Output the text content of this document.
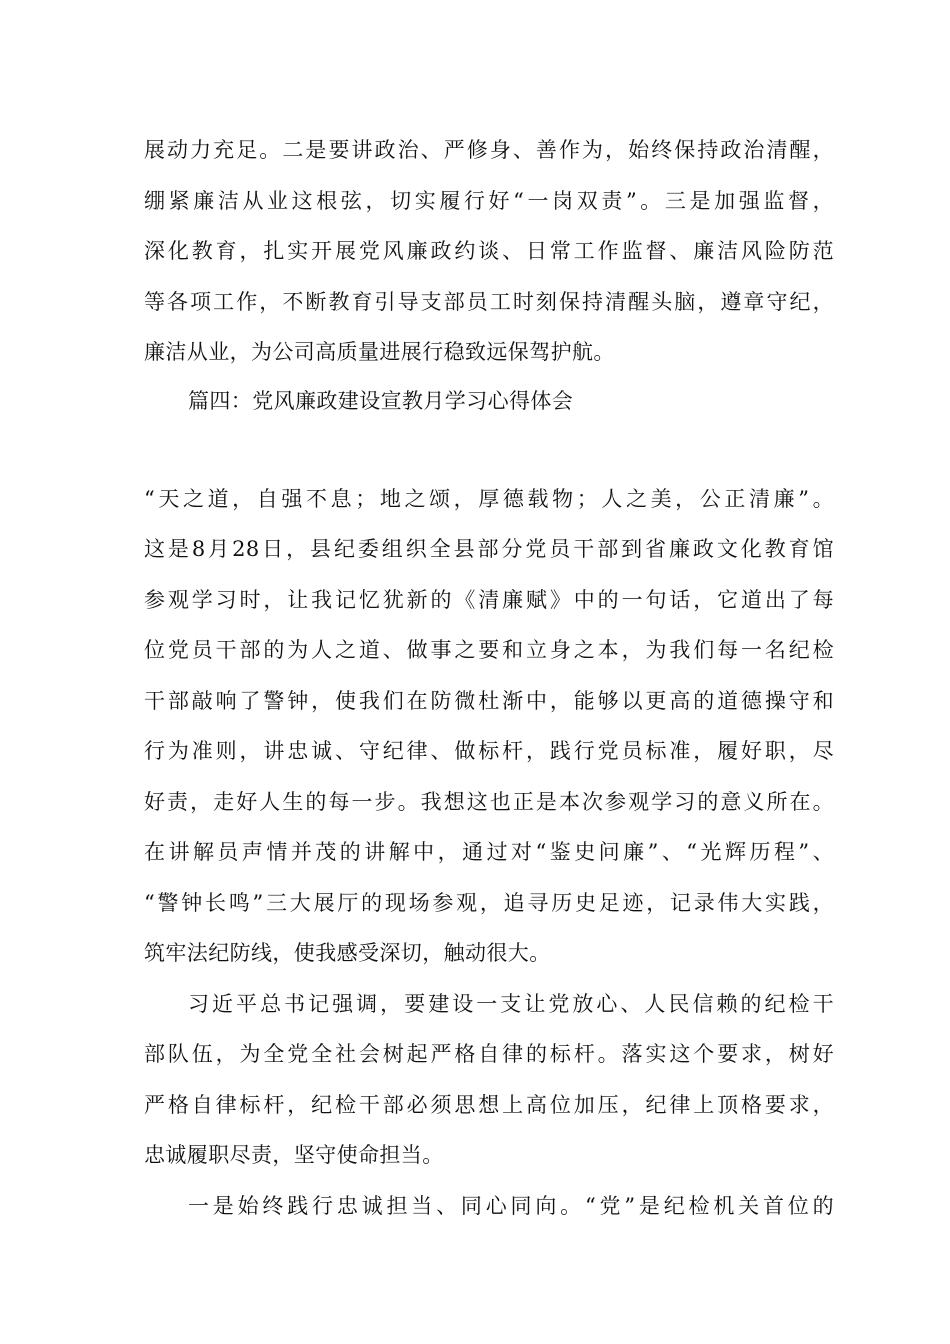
展动力充足。二是要讲政治、严修身、善作为，始终保持政治清醒，
绷紧廉洁从业这根弦，切实履行好“一岗双责”。三是加强监督，
深化教育，扎实开展党风廉政约谈、日常工作监督、廉洁风险防范
等各项工作，不断教育引导支部员工时刻保持清醒头脑，遵章守纪，
廉洁从业，为公司高质量进展行稳致远保驾护航。
篇四：党风廉政建设宣教月学习心得体会
“天之道，自强不息；地之颂，厚德载物；人之美，公正清廉”。
这是8月28日，县纪委组织全县部分党员干部到省廉政文化教育馆
参观学习时，让我记忆犹新的《清廉赋》中的一句话，它道出了每
位党员干部的为人之道、做事之要和立身之本，为我们每一名纪检
干部敲响了警钟，使我们在防微杜渐中，能够以更高的道德操守和
行为准则，讲忠诚、守纪律、做标杆，践行党员标准，履好职，尽
好责，走好人生的每一步。我想这也正是本次参观学习的意义所在。
在讲解员声情并茂的讲解中，通过对“鉴史问廉”、“光辉历程”、
“警钟长鸣”三大展厅的现场参观，追寻历史足迹，记录伟大实践，
筑牢法纪防线，使我感受深切，触动很大。
习近平总书记强调，要建设一支让党放心、人民信赖的纪检干
部队伍，为全党全社会树起严格自律的标杆。落实这个要求，树好
严格自律标杆，纪检干部必须思想上高位加压，纪律上顶格要求，
忠诚履职尽责，坚守使命担当。
一是始终践行忠诚担当、同心同向。“党”是纪检机关首位的
